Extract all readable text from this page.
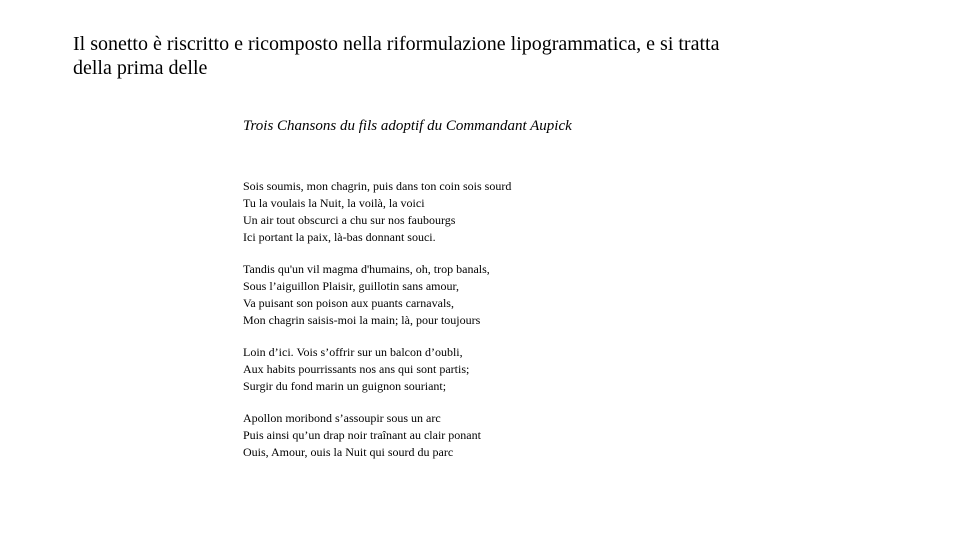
Il sonetto è riscritto e ricomposto nella riformulazione lipogrammatica, e si tratta
della prima delle
Trois Chansons du fils adoptif du Commandant Aupick
Sois soumis, mon chagrin, puis dans ton coin sois sourd
Tu la voulais la Nuit, la voilà, la voici
Un air tout obscurci a chu sur nos faubourgs
Ici portant la paix, là-bas donnant souci.
Tandis qu'un vil magma d'humains, oh, trop banals,
Sous l’aiguillon Plaisir, guillotin sans amour,
Va puisant son poison aux puants carnavals,
Mon chagrin saisis-moi la main; là, pour toujours
Loin d’ici. Vois s’offrir sur un balcon d’oubli,
Aux habits pourrissants nos ans qui sont partis;
Surgir du fond marin un guignon souriant;
Apollon moribond s’assoupir sous un arc
Puis ainsi qu’un drap noir traînant au clair ponant
Ouis, Amour, ouis la Nuit qui sourd du parc
